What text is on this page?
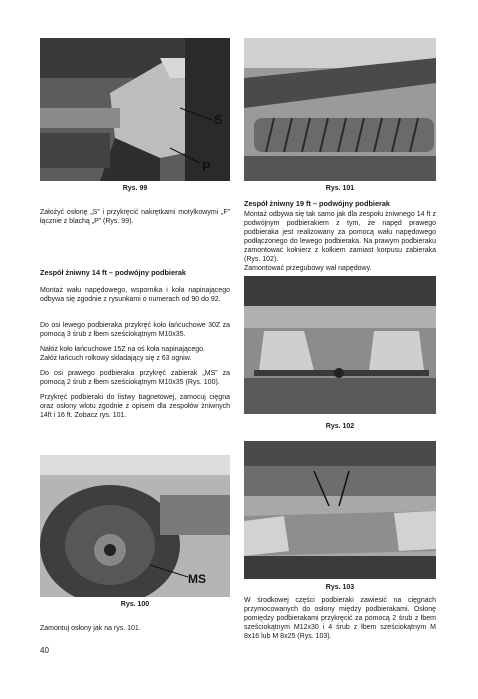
S
P
Rys. 99	Rys. 101
Zespół żniwny 19 ft – podwójny podbierak
Montaż odbywa się tak samo jak dla zespołu żniwnego 14 ft z podwójnym podbierakiem z tym, że napęd prawego podbieraka jest realizowany za pomocą wału napędowego podłączonego do lewego podbieraka. Na prawym podbieraku zamontować kołnierz z kołkiem zamiast korpusu zabieraka (Rys. 102).
Zamontować przegubowy wał napędowy.
Założyć osłonę „S” i przykręcić nakrętkami motylkowymi „F” łącznie z blachą „P” (Rys. 99).
Zespół żniwny 14 ft – podwójny podbierak
Montaż wału napędowego, wspornika i koła napinającego odbywa się zgodnie z rysunkami o numerach od 90 do 92.
Do osi lewego podbieraka przykręć koło łańcuchowe 30Z za pomocą 3 śrub z łbem sześciokątnym M10x35.
Nałóż koło łańcuchowe 15Z na oś koła napinającego.
Załóż łańcuch rolkowy składający się z 63 ogniw.
Do osi prawego podbieraka przykręć zabierak „MS” za pomocą 2 śrub z łbem sześciokątnym M10x35 (Rys. 100).
Przykręć podbieraki do listwy bagnetowej, zamocuj cięgna oraz osłony wlotu zgodnie z opisem dla zespołów żniwnych 14ft i 16 ft. Zobacz rys. 101.
Rys. 102
MS
Rys. 100
Zamontuj osłony jak na rys. 101.
Rys. 103
W środkowej części podbieraki zawiesić na cięgnach przymocowanych do osłony między podbierakami. Osłonę pomiędzy podbierakami przykręcić za pomocą 2 śrub z łbem sześciokątnym M12x30 i 4 śrub z łbem sześciokątnym M 8x16 lub M 8x25 (Rys. 103).
40
